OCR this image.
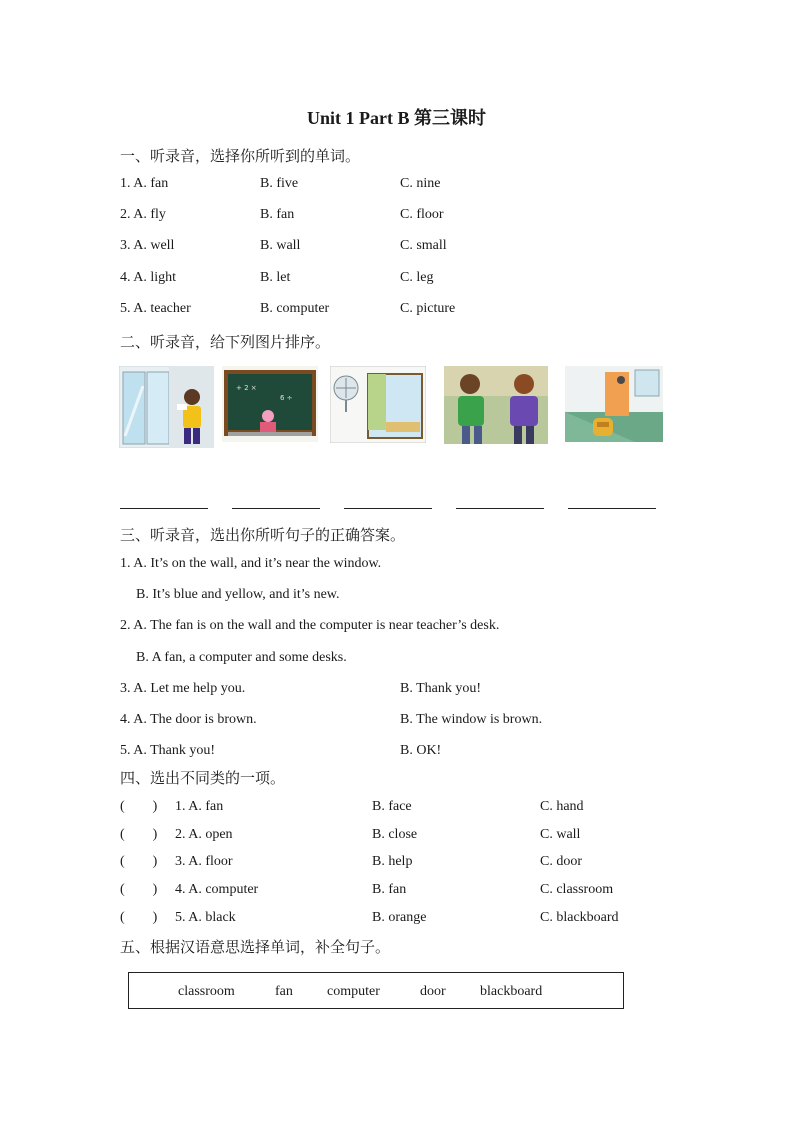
Unit 1 Part B 第三课时
一、听录音，选择你所听到的单词。
1. A. fan	B. five	C. nine
2. A. fly	B. fan	C. floor
3. A. well	B. wall	C. small
4. A. light	B. let	C. leg
5. A. teacher	B. computer	C. picture
二、听录音，给下列图片排序。
+ 2 ×
6 ÷
三、听录音，选出你所听句子的正确答案。
1. A. It’s on the wall, and it’s near the window.
B. It’s blue and yellow, and it’s new.
2. A. The fan is on the wall and the computer is near teacher’s desk.
B. A fan, a computer and some desks.
3. A. Let me help you.	B. Thank you!
4. A. The door is brown.	B. The window is brown.
5. A. Thank you!	B. OK!
四、选出不同类的一项。
(        ) 1. A. fan	B. face	C. hand
(        ) 2. A. open	B. close	C. wall
(        ) 3. A. floor	B. help	C. door
(        ) 4. A. computer	B. fan	C. classroom
(        ) 5. A. black	B. orange	C. blackboard
五、根据汉语意思选择单词，补全句子。
classroom	fan computer	door blackboard
